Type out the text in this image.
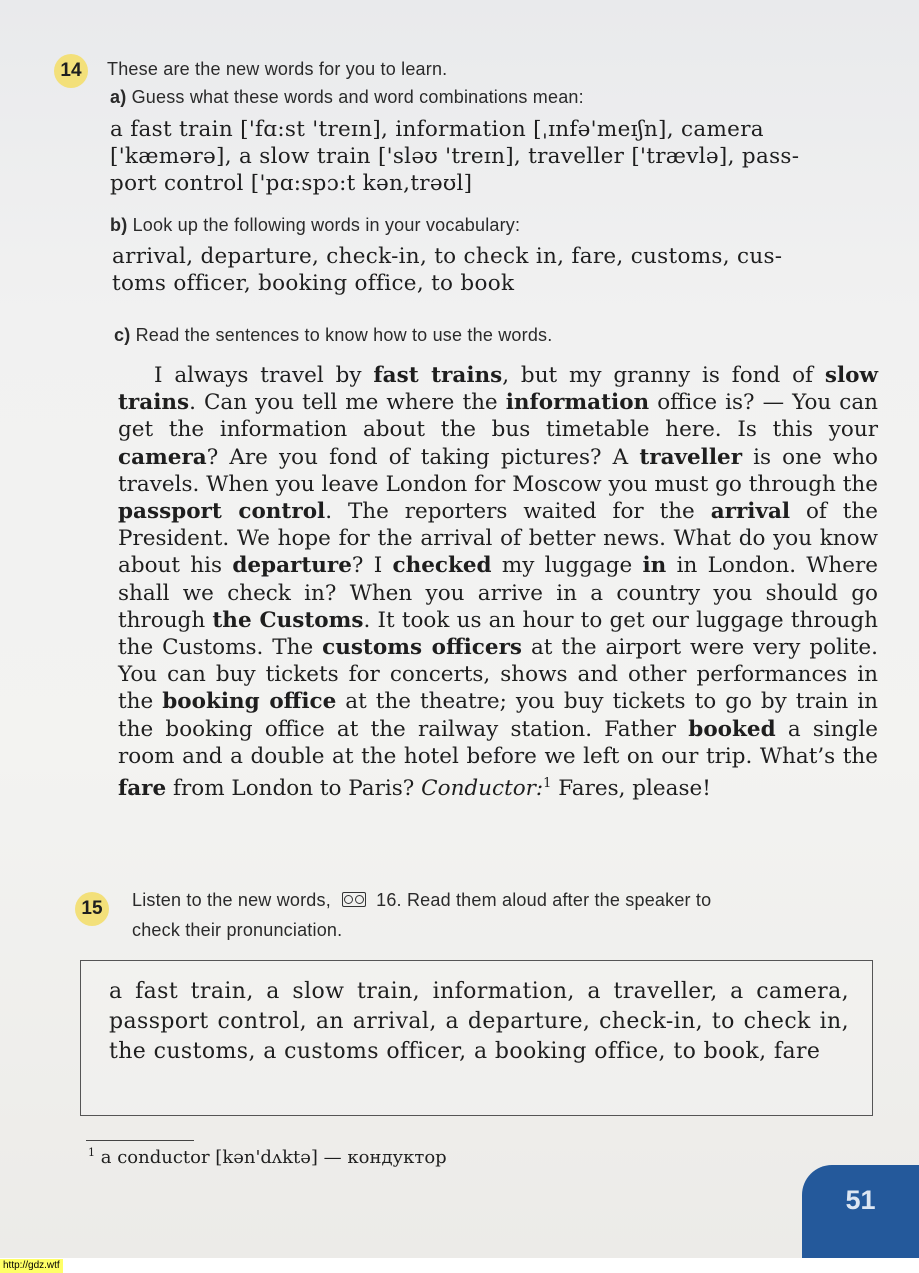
14	These are the new words for you to learn.
a) Guess what these words and word combinations mean:

a fast train ['fɑ:st 'treɪn], information [ˌɪnfə'meɪʃn], camera

['kæmərə], a slow train ['sləʊ 'treɪn], traveller ['trævlə], pass-

port control ['pɑ:spɔ:t kən,trəʊl]

b) Look up the following words in your vocabulary:

arrival, departure, check-in, to check in, fare, customs, cus-

toms officer, booking office, to book

c) Read the sentences to know how to use the words.
I always travel by fast trains, but my granny is fond of slow trains. Can you tell me where the information office is? — You can get the information about the bus timetable here. Is this your camera? Are you fond of taking pictures? A traveller is one who travels. When you leave London for Moscow you must go through the passport control. The reporters waited for the arrival of the President. We hope for the arrival of better news. What do you know about his departure? I checked my luggage in in London. Where shall we check in? When you arrive in a country you should go through the Customs. It took us an hour to get our luggage through the Customs. The customs officers at the airport were very polite. You can buy tickets for concerts, shows and other performances in the booking office at the theatre; you buy tickets to go by train in the booking office at the railway station. Father booked a single room and a double at the hotel before we left on our trip. What’s the fare from London to Paris? Conductor:$^1$ Fares, please!
15	Listen to the new words,	16. Read them aloud after the speaker to
check their pronunciation.
a fast train, a slow train, information, a traveller, a camera, passport control, an arrival, a departure, check-in, to check in, the customs, a customs officer, a booking office, to book, fare
$^1$ a conductor [kən'dʌktə] — кондуктор
51
http://gdz.wtf
